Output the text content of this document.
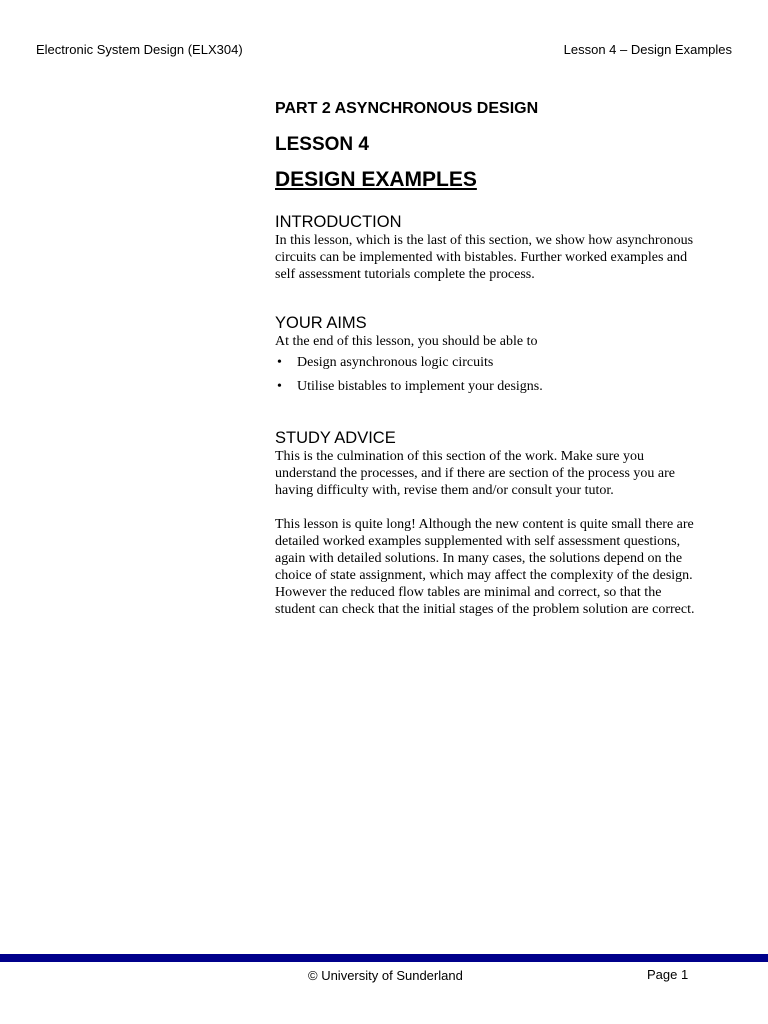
Electronic System Design (ELX304)	Lesson 4 – Design Examples
PART 2 ASYNCHRONOUS DESIGN
LESSON 4
DESIGN EXAMPLES
INTRODUCTION

In this lesson, which is the last of this section, we show how asynchronous circuits can be implemented with bistables. Further worked examples and self assessment tutorials complete the process.

YOUR AIMS

At the end of this lesson, you should be able to

• Design asynchronous logic circuits
• Utilise bistables to implement your designs.
STUDY ADVICE

This is the culmination of this section of the work. Make sure you understand the processes, and if there are section of the process you are having difficulty with, revise them and/or consult your tutor.

This lesson is quite long! Although the new content is quite small there are detailed worked examples supplemented with self assessment questions, again with detailed solutions. In many cases, the solutions depend on the choice of state assignment, which may affect the complexity of the design. However the reduced flow tables are minimal and correct, so that the student can check that the initial stages of the problem solution are correct.

© University of Sunderland	Page 1
